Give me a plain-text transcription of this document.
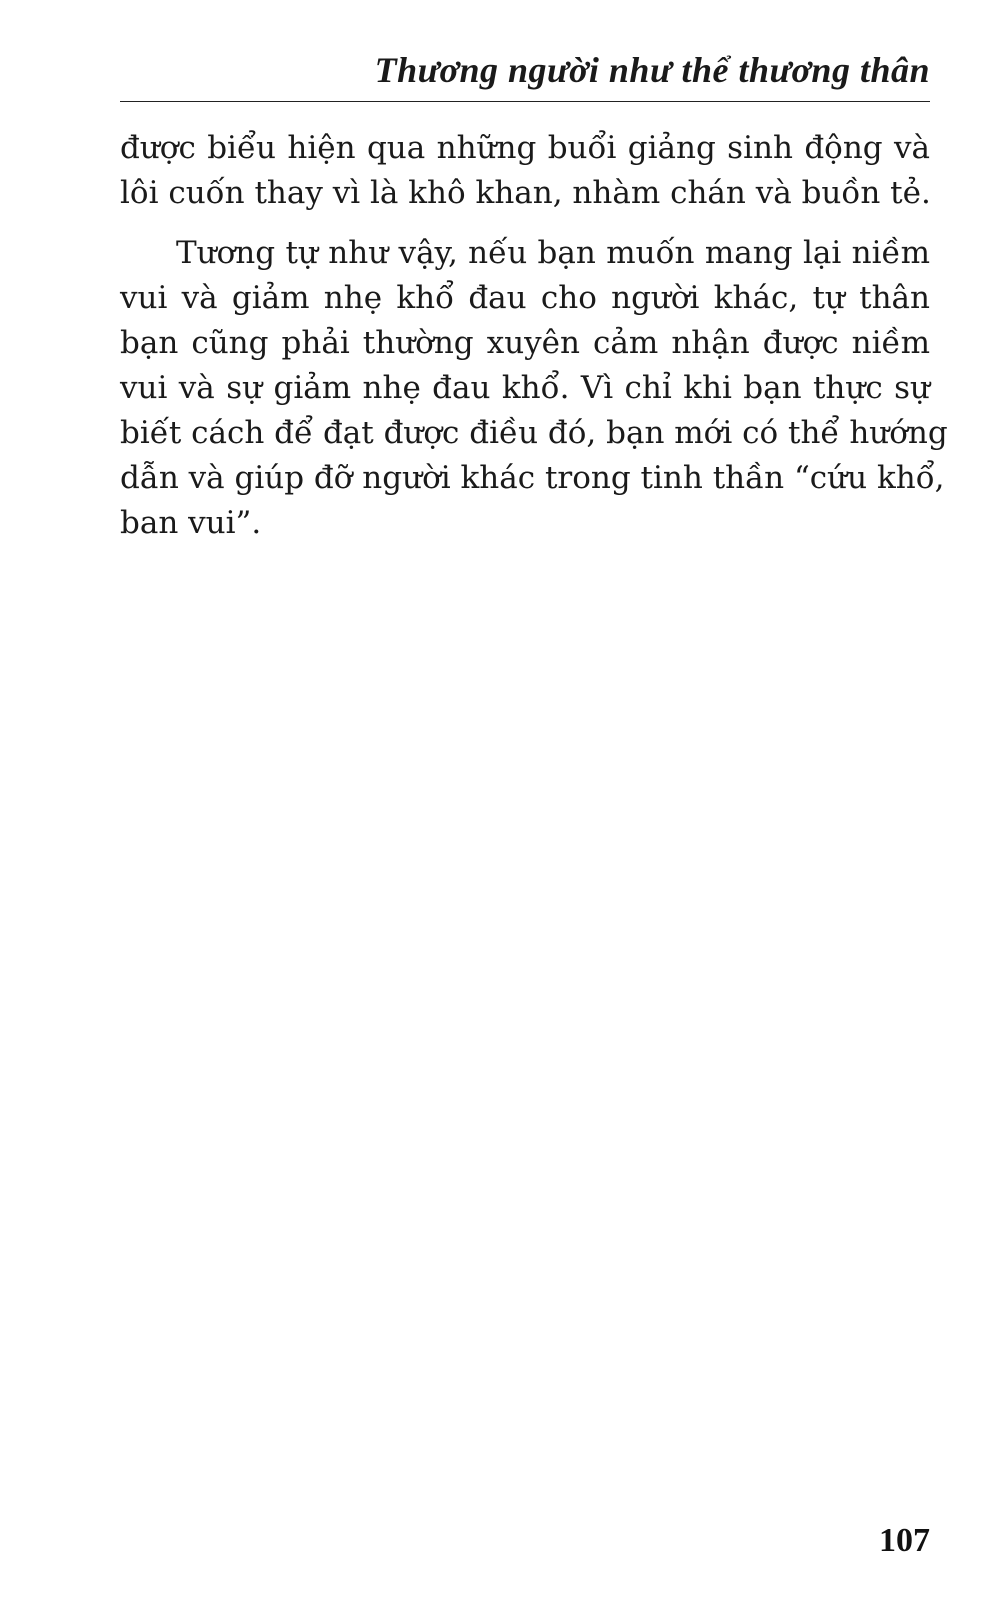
Thương người như thể thương thân

được biểu hiện qua những buổi giảng sinh động và
lôi cuốn thay vì là khô khan, nhàm chán và buồn tẻ.

Tương tự như vậy, nếu bạn muốn mang lại niềm
vui và giảm nhẹ khổ đau cho người khác, tự thân
bạn cũng phải thường xuyên cảm nhận được niềm
vui và sự giảm nhẹ đau khổ. Vì chỉ khi bạn thực sự
biết cách để đạt được điều đó, bạn mới có thể hướng
dẫn và giúp đỡ người khác trong tinh thần “cứu khổ,
ban vui”.

107
